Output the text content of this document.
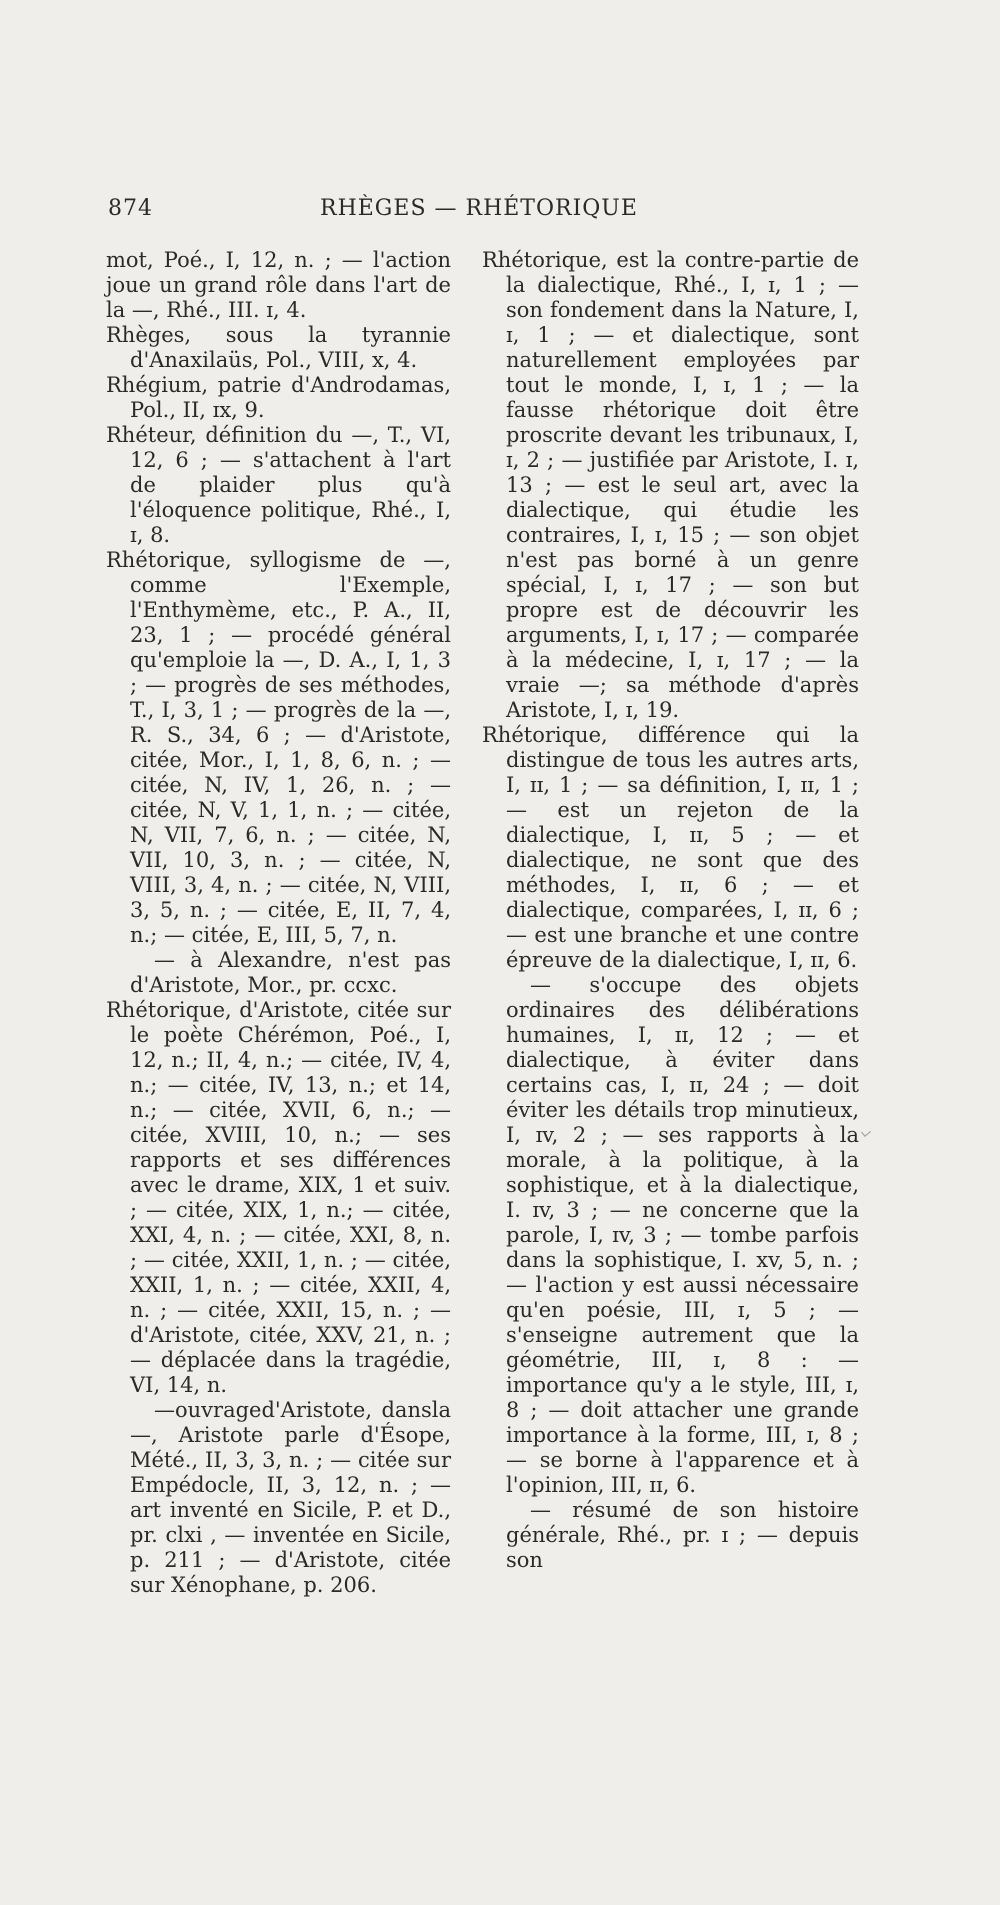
874	RHÈGES — RHÉTORIQUE
mot, Poé., I, 12, n. ; — l'action joue un grand rôle dans l'art de la —, Rhé., III. ɪ, 4.
Rhèges, sous la tyrannie d'Anaxilaüs, Pol., VIII, x, 4.
Rhégium, patrie d'Androdamas, Pol., II, ɪx, 9.
Rhéteur, définition du —, T., VI, 12, 6 ; — s'attachent à l'art de plaider plus qu'à l'éloquence politique, Rhé., I, ɪ, 8.
Rhétorique, syllogisme de —, comme l'Exemple, l'Enthymème, etc., P. A., II, 23, 1 ; — procédé général qu'emploie la —, D. A., I, 1, 3 ; — progrès de ses méthodes, T., I, 3, 1 ; — progrès de la —, R. S., 34, 6 ; — d'Aristote, citée, Mor., I, 1, 8, 6, n. ; — citée, N, IV, 1, 26, n. ; — citée, N, V, 1, 1, n. ; — citée, N, VII, 7, 6, n. ; — citée, N, VII, 10, 3, n. ; — citée, N, VIII, 3, 4, n. ; — citée, N, VIII, 3, 5, n. ; — citée, E, II, 7, 4, n.; — citée, E, III, 5, 7, n.
— à Alexandre, n'est pas d'Aristote, Mor., pr. ccxc.
Rhétorique, d'Aristote, citée sur le poète Chérémon, Poé., I, 12, n.; II, 4, n.; — citée, IV, 4, n.; — citée, IV, 13, n.; et 14, n.; — citée, XVII, 6, n.; — citée, XVIII, 10, n.; — ses rapports et ses différences avec le drame, XIX, 1 et suiv. ; — citée, XIX, 1, n.; — citée, XXI, 4, n. ; — citée, XXI, 8, n. ; — citée, XXII, 1, n. ; — citée, XXII, 1, n. ; — citée, XXII, 4, n. ; — citée, XXII, 15, n. ; — d'Aristote, citée, XXV, 21, n. ; — déplacée dans la tragédie, VI, 14, n.
—ouvraged'Aristote, dansla—, Aristote parle d'Ésope, Mété., II, 3, 3, n. ; — citée sur Empédocle, II, 3, 12, n. ; — art inventé en Sicile, P. et D., pr. clxi , — inventée en Sicile, p. 211 ; — d'Aristote, citée sur Xénophane, p. 206.
Rhétorique, est la contre-partie de la dialectique, Rhé., I, ɪ, 1 ; — son fondement dans la Nature, I, ɪ, 1 ; — et dialectique, sont naturellement employées par tout le monde, I, ɪ, 1 ; — la fausse rhétorique doit être proscrite devant les tribunaux, I, ɪ, 2 ; — justifiée par Aristote, I. ɪ, 13 ; — est le seul art, avec la dialectique, qui étudie les contraires, I, ɪ, 15 ; — son objet n'est pas borné à un genre spécial, I, ɪ, 17 ; — son but propre est de découvrir les arguments, I, ɪ, 17 ; — comparée à la médecine, I, ɪ, 17 ; — la vraie —; sa méthode d'après Aristote, I, ɪ, 19.
Rhétorique, différence qui la distingue de tous les autres arts, I, ɪɪ, 1 ; — sa définition, I, ɪɪ, 1 ; — est un rejeton de la dialectique, I, ɪɪ, 5 ; — et dialectique, ne sont que des méthodes, I, ɪɪ, 6 ; — et dialectique, comparées, I, ɪɪ, 6 ; — est une branche et une contre épreuve de la dialectique, I, ɪɪ, 6.
— s'occupe des objets ordinaires des délibérations humaines, I, ɪɪ, 12 ; — et dialectique, à éviter dans certains cas, I, ɪɪ, 24 ; — doit éviter les détails trop minutieux, I, ɪv, 2 ; — ses rapports à la morale, à la politique, à la sophistique, et à la dialectique, I. ɪv, 3 ; — ne concerne que la parole, I, ɪv, 3 ; — tombe parfois dans la sophistique, I. xv, 5, n. ; — l'action y est aussi nécessaire qu'en poésie, III, ɪ, 5 ; — s'enseigne autrement que la géométrie, III, ɪ, 8 : — importance qu'y a le style, III, ɪ, 8 ; — doit attacher une grande importance à la forme, III, ɪ, 8 ; — se borne à l'apparence et à l'opinion, III, ɪɪ, 6.
— résumé de son histoire générale, Rhé., pr. ɪ ; — depuis son
